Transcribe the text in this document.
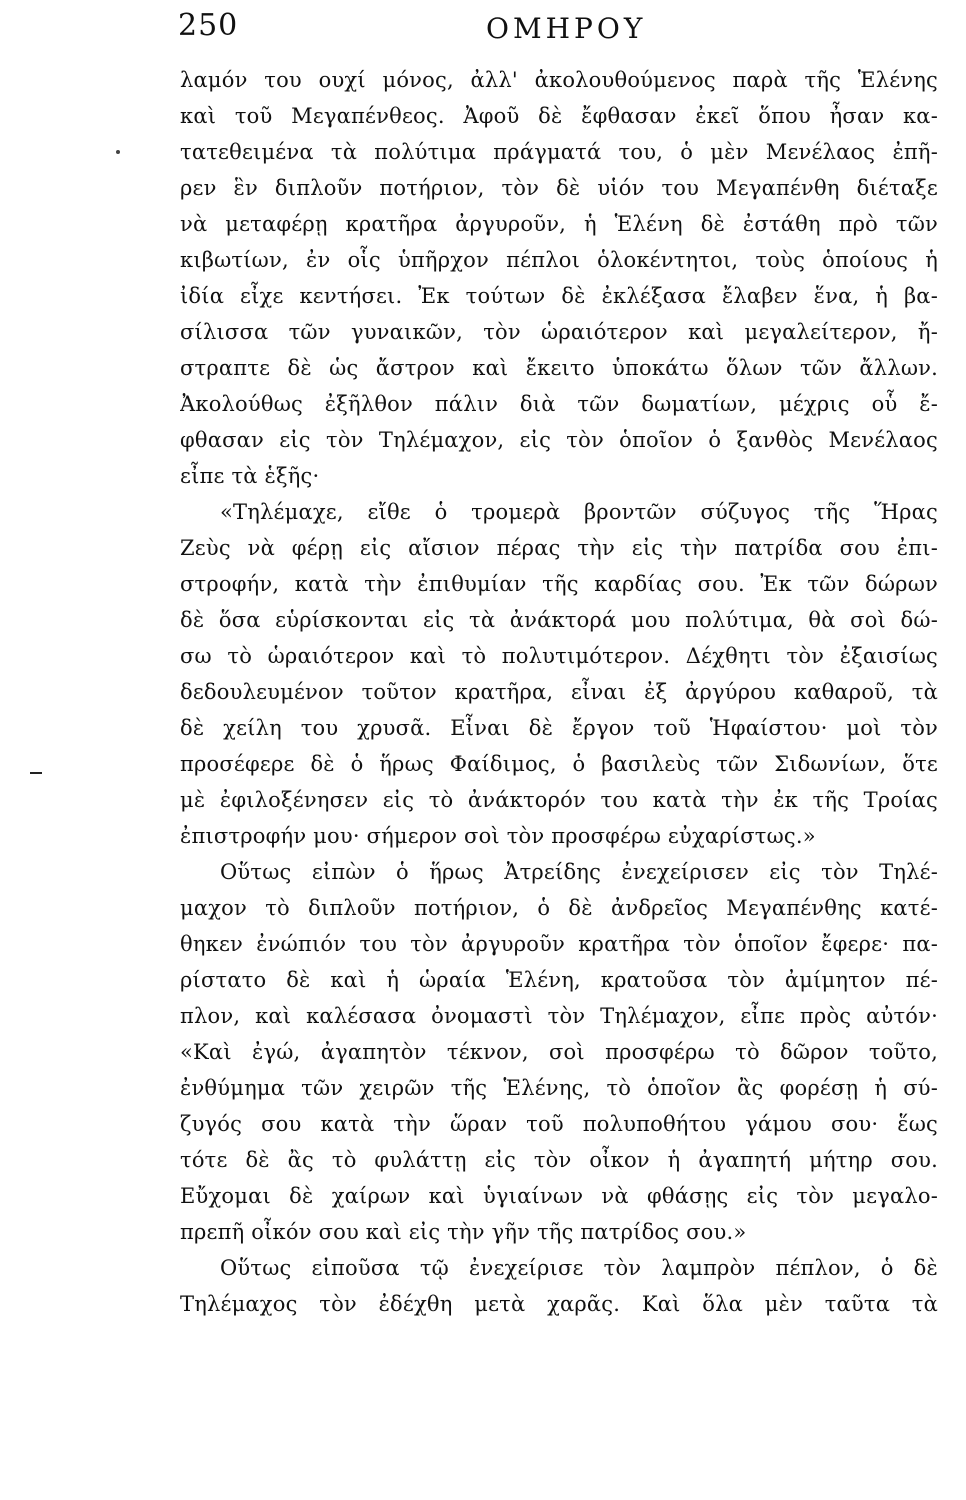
250	ΟΜΗΡΟΥ
λαμόν του ουχί μόνος, ἀλλ' ἀκολουθούμενος παρὰ τῆς Ἑλένης
καὶ τοῦ Μεγαπένθεος. Ἀφοῦ δὲ ἔφθασαν ἐκεῖ ὅπου ἦσαν κα-
τατεθειμένα τὰ πολύτιμα πράγματά του, ὁ μὲν Μενέλαος ἐπῆ-
ρεν ἓν διπλοῦν ποτήριον, τὸν δὲ υἱόν του Μεγαπένθη διέταξε
νὰ μεταφέρῃ κρατῆρα ἀργυροῦν, ἡ Ἑλένη δὲ ἐστάθη πρὸ τῶν
κιβωτίων, ἐν οἷς ὑπῆρχον πέπλοι ὁλοκέντητοι, τοὺς ὁποίους ἡ
ἰδία εἶχε κεντήσει. Ἐκ τούτων δὲ ἐκλέξασα ἔλαβεν ἕνα, ἡ βα-
σίλισσα τῶν γυναικῶν, τὸν ὡραιότερον καὶ μεγαλείτερον, ἤ-
στραπτε δὲ ὡς ἄστρον καὶ ἔκειτο ὑποκάτω ὅλων τῶν ἄλλων.
Ἀκολούθως ἐξῆλθον πάλιν διὰ τῶν δωματίων, μέχρις οὗ ἔ-
φθασαν εἰς τὸν Τηλέμαχον, εἰς τὸν ὁποῖον ὁ ξανθὸς Μενέλαος
εἶπε τὰ ἑξῆς·
«Τηλέμαχε, εἴθε ὁ τρομερὰ βροντῶν σύζυγος τῆς Ἥρας
Ζεὺς νὰ φέρῃ εἰς αἴσιον πέρας τὴν εἰς τὴν πατρίδα σου ἐπι-
στροφήν, κατὰ τὴν ἐπιθυμίαν τῆς καρδίας σου. Ἐκ τῶν δώρων
δὲ ὅσα εὑρίσκονται εἰς τὰ ἀνάκτορά μου πολύτιμα, θὰ σοὶ δώ-
σω τὸ ὡραιότερον καὶ τὸ πολυτιμότερον. Δέχθητι τὸν ἐξαισίως
δεδουλευμένον τοῦτον κρατῆρα, εἶναι ἐξ ἀργύρου καθαροῦ, τὰ
δὲ χείλη του χρυσᾶ. Εἶναι δὲ ἔργον τοῦ Ἡφαίστου· μοὶ τὸν
προσέφερε δὲ ὁ ἥρως Φαίδιμος, ὁ βασιλεὺς τῶν Σιδωνίων, ὅτε
μὲ ἐφιλοξένησεν εἰς τὸ ἀνάκτορόν του κατὰ τὴν ἐκ τῆς Τροίας
ἐπιστροφήν μου· σήμερον σοὶ τὸν προσφέρω εὐχαρίστως.»
Οὕτως εἰπὼν ὁ ἥρως Ἀτρείδης ἐνεχείρισεν εἰς τὸν Τηλέ-
μαχον τὸ διπλοῦν ποτήριον, ὁ δὲ ἀνδρεῖος Μεγαπένθης κατέ-
θηκεν ἐνώπιόν του τὸν ἀργυροῦν κρατῆρα τὸν ὁποῖον ἔφερε· πα-
ρίστατο δὲ καὶ ἡ ὡραία Ἑλένη, κρατοῦσα τὸν ἀμίμητον πέ-
πλον, καὶ καλέσασα ὀνομαστὶ τὸν Τηλέμαχον, εἶπε πρὸς αὐτόν·
«Καὶ ἐγώ, ἀγαπητὸν τέκνον, σοὶ προσφέρω τὸ δῶρον τοῦτο,
ἐνθύμημα τῶν χειρῶν τῆς Ἑλένης, τὸ ὁποῖον ἂς φορέσῃ ἡ σύ-
ζυγός σου κατὰ τὴν ὥραν τοῦ πολυποθήτου γάμου σου· ἕως
τότε δὲ ἂς τὸ φυλάττῃ εἰς τὸν οἶκον ἡ ἀγαπητή μήτηρ σου.
Εὔχομαι δὲ χαίρων καὶ ὑγιαίνων νὰ φθάσῃς εἰς τὸν μεγαλο-
πρεπῆ οἶκόν σου καὶ εἰς τὴν γῆν τῆς πατρίδος σου.»
Οὕτως εἰποῦσα τῷ ἐνεχείρισε τὸν λαμπρὸν πέπλον, ὁ δὲ
Τηλέμαχος τὸν ἐδέχθη μετὰ χαρᾶς. Καὶ ὅλα μὲν ταῦτα τὰ
